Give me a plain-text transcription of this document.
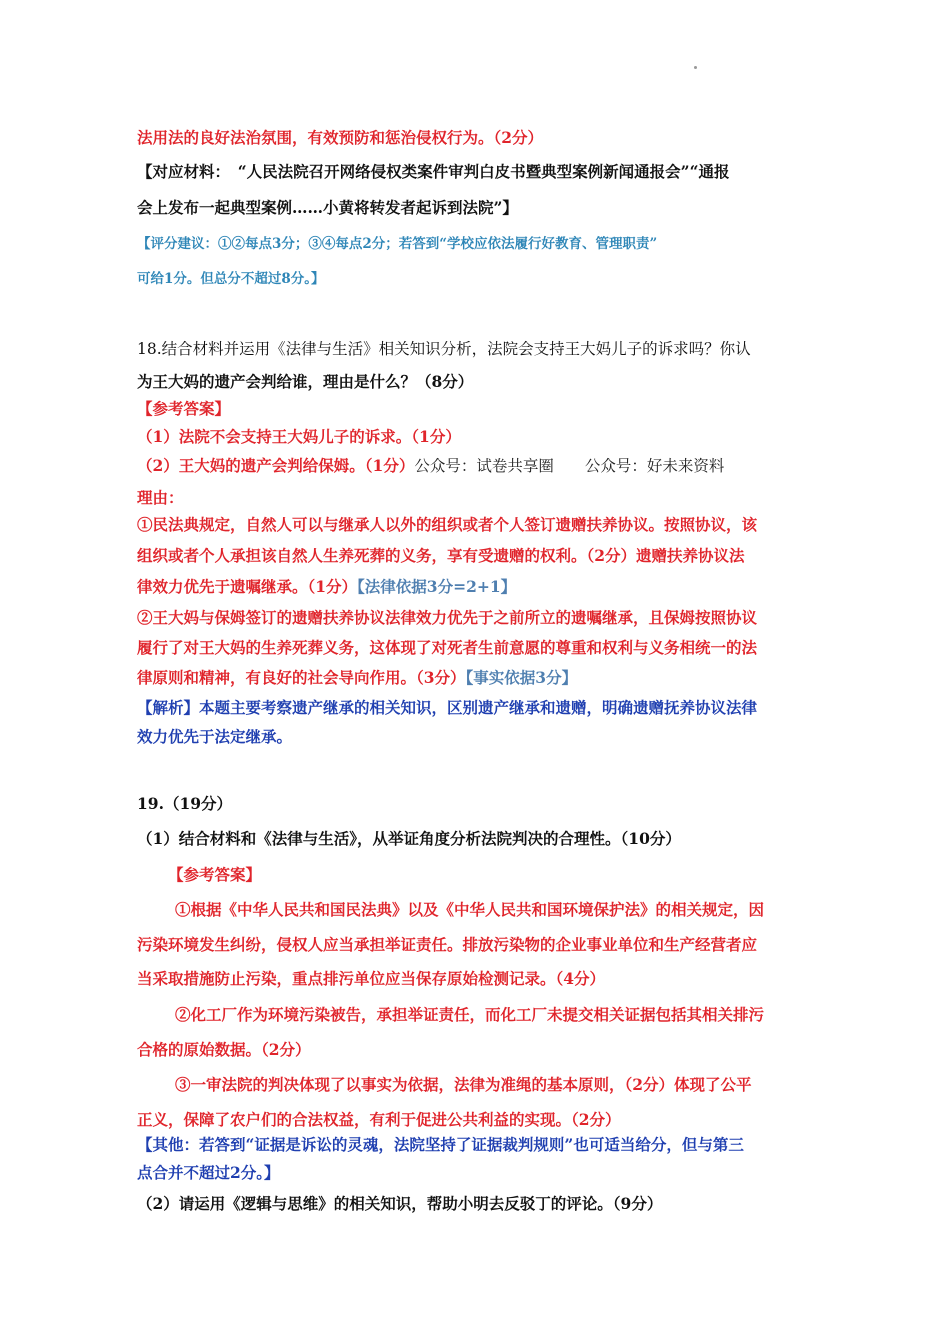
法用法的良好法治氛围，有效预防和惩治侵权行为。（2分）
【对应材料：　“人民法院召开网络侵权类案件审判白皮书暨典型案例新闻通报会”“通报
会上发布一起典型案例……小黄将转发者起诉到法院”】
【评分建议：①②每点3分；③④每点2分；若答到“学校应依法履行好教育、管理职责”
可给1分。但总分不超过8分。】
18.结合材料并运用《法律与生活》相关知识分析，法院会支持王大妈儿子的诉求吗？你认
为王大妈的遗产会判给谁，理由是什么？（8分）
【参考答案】
（1）法院不会支持王大妈儿子的诉求。（1分）
（2）王大妈的遗产会判给保姆。（1分）公众号：试卷共享圈　　公众号：好未来资料
理由：
①民法典规定，自然人可以与继承人以外的组织或者个人签订遗赠扶养协议。按照协议，该
组织或者个人承担该自然人生养死葬的义务，享有受遗赠的权利。（2分）遗赠扶养协议法
律效力优先于遗嘱继承。（1分）【法律依据3分=2+1】
②王大妈与保姆签订的遗赠扶养协议法律效力优先于之前所立的遗嘱继承，且保姆按照协议
履行了对王大妈的生养死葬义务，这体现了对死者生前意愿的尊重和权利与义务相统一的法
律原则和精神，有良好的社会导向作用。（3分）【事实依据3分】
【解析】本题主要考察遗产继承的相关知识，区别遗产继承和遗赠，明确遗赠抚养协议法律
效力优先于法定继承。
19.（19分）
（1）结合材料和《法律与生活》，从举证角度分析法院判决的合理性。（10分）
【参考答案】
①根据《中华人民共和国民法典》以及《中华人民共和国环境保护法》的相关规定，因
污染环境发生纠纷，侵权人应当承担举证责任。排放污染物的企业事业单位和生产经营者应
当采取措施防止污染，重点排污单位应当保存原始检测记录。（4分）
②化工厂作为环境污染被告，承担举证责任，而化工厂未提交相关证据包括其相关排污
合格的原始数据。（2分）
③一审法院的判决体现了以事实为依据，法律为准绳的基本原则，（2分）体现了公平
正义，保障了农户们的合法权益，有利于促进公共利益的实现。（2分）
【其他：若答到“证据是诉讼的灵魂，法院坚持了证据裁判规则”也可适当给分，但与第三
点合并不超过2分。】
（2）请运用《逻辑与思维》的相关知识，帮助小明去反驳丁的评论。（9分）
